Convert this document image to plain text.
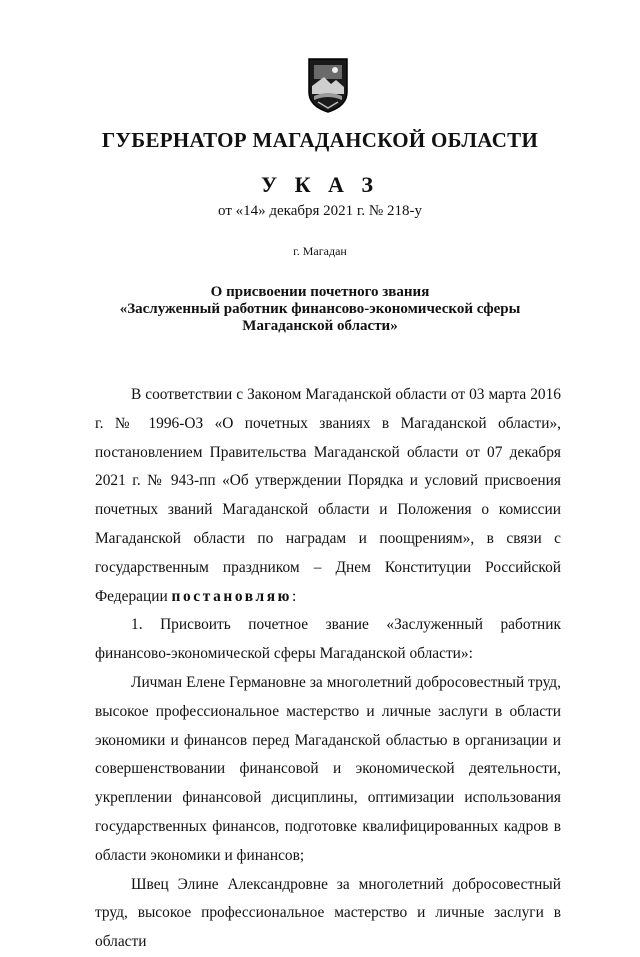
ГУБЕРНАТОР МАГАДАНСКОЙ ОБЛАСТИ
У К А З
от «14» декабря 2021 г. № 218-у
г. Магадан
О присвоении почетного звания
«Заслуженный работник финансово-экономической сферы
Магаданской области»

В соответствии с Законом Магаданской области от 03 марта 2016 г. № 1996-ОЗ «О почетных званиях в Магаданской области», постановлением Правительства Магаданской области от 07 декабря 2021 г. № 943-пп «Об утверждении Порядка и условий присвоения почетных званий Магаданской области и Положения о комиссии Магаданской области по наградам и поощрениям», в связи с государственным праздником – Днем Конституции Российской Федерации постановляю:

1. Присвоить почетное звание «Заслуженный работник финансово-экономической сферы Магаданской области»:

Личман Елене Германовне за многолетний добросовестный труд, высокое профессиональное мастерство и личные заслуги в области экономики и финансов перед Магаданской областью в организации и совершенствовании финансовой и экономической деятельности, укреплении финансовой дисциплины, оптимизации использования государственных финансов, подготовке квалифицированных кадров в области экономики и финансов;

Швец Элине Александровне за многолетний добросовестный труд, высокое профессиональное мастерство и личные заслуги в области
